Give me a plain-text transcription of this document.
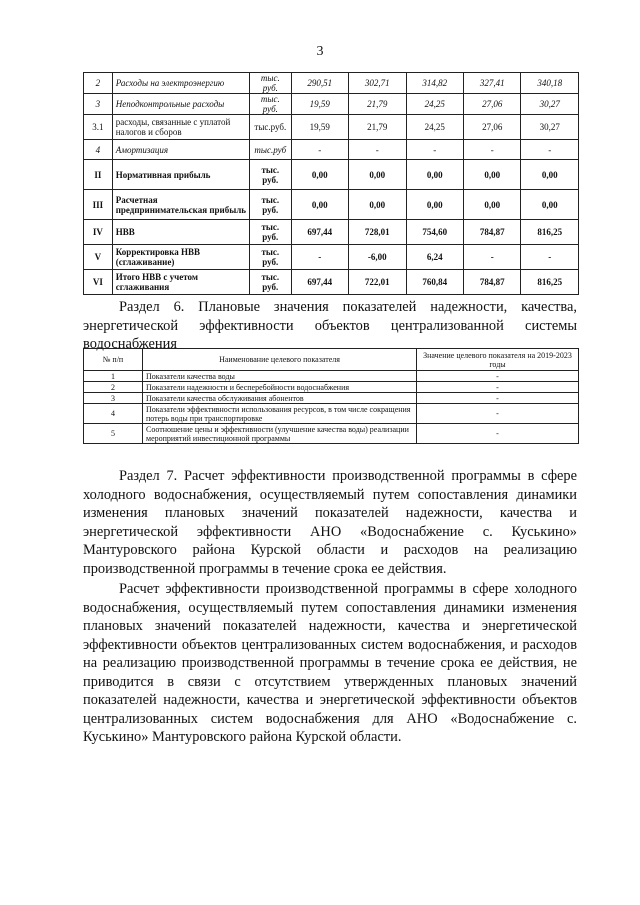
3
2	Расходы на электроэнергию	тыс. руб.	290,51	302,71	314,82	327,41	340,18
3	Неподконтрольные расходы	тыс. руб.	19,59	21,79	24,25	27,06	30,27
3.1	расходы, связанные с уплатой налогов и сборов	тыс.руб.	19,59	21,79	24,25	27,06	30,27
4	Амортизация	тыс.руб	-	-	-	-	-
II	Нормативная прибыль	тыс. руб.	0,00	0,00	0,00	0,00	0,00
III	Расчетная предпринимательская прибыль	тыс. руб.	0,00	0,00	0,00	0,00	0,00
IV	НВВ	тыс. руб.	697,44	728,01	754,60	784,87	816,25
V	Корректировка НВВ (сглаживание)	тыс. руб.	-	-6,00	6,24	-	-
VI	Итого НВВ с учетом сглаживания	тыс. руб.	697,44	722,01	760,84	784,87	816,25
Раздел 6. Плановые значения показателей надежности, качества, энергетической эффективности объектов централизованной системы водоснабжения
№ п/п	Наименование целевого показателя	Значение целевого показателя на 2019-2023 годы
1	Показатели качества воды	-
2	Показатели надежности и бесперебойности водоснабжения	-
3	Показатели качества обслуживания абонентов	-
4	Показатели эффективности использования ресурсов, в том числе сокращения потерь воды при транспортировке	-
5	Соотношение цены и эффективности (улучшение качества воды) реализации мероприятий инвестиционной программы	-
Раздел 7. Расчет эффективности производственной программы в сфере холодного водоснабжения, осуществляемый путем сопоставления динамики изменения плановых значений показателей надежности, качества и энергетической эффективности АНО «Водоснабжение с. Куськино» Мантуровского района Курской области и расходов на реализацию производственной программы в течение срока ее действия.
Расчет эффективности производственной программы в сфере холодного водоснабжения, осуществляемый путем сопоставления динамики изменения плановых значений показателей надежности, качества и энергетической эффективности объектов централизованных систем водоснабжения, и расходов на реализацию производственной программы в течение срока ее действия, не приводится в связи с отсутствием утвержденных плановых значений показателей надежности, качества и энергетической эффективности объектов централизованных систем водоснабжения для АНО «Водоснабжение с. Куськино» Мантуровского района Курской области.
